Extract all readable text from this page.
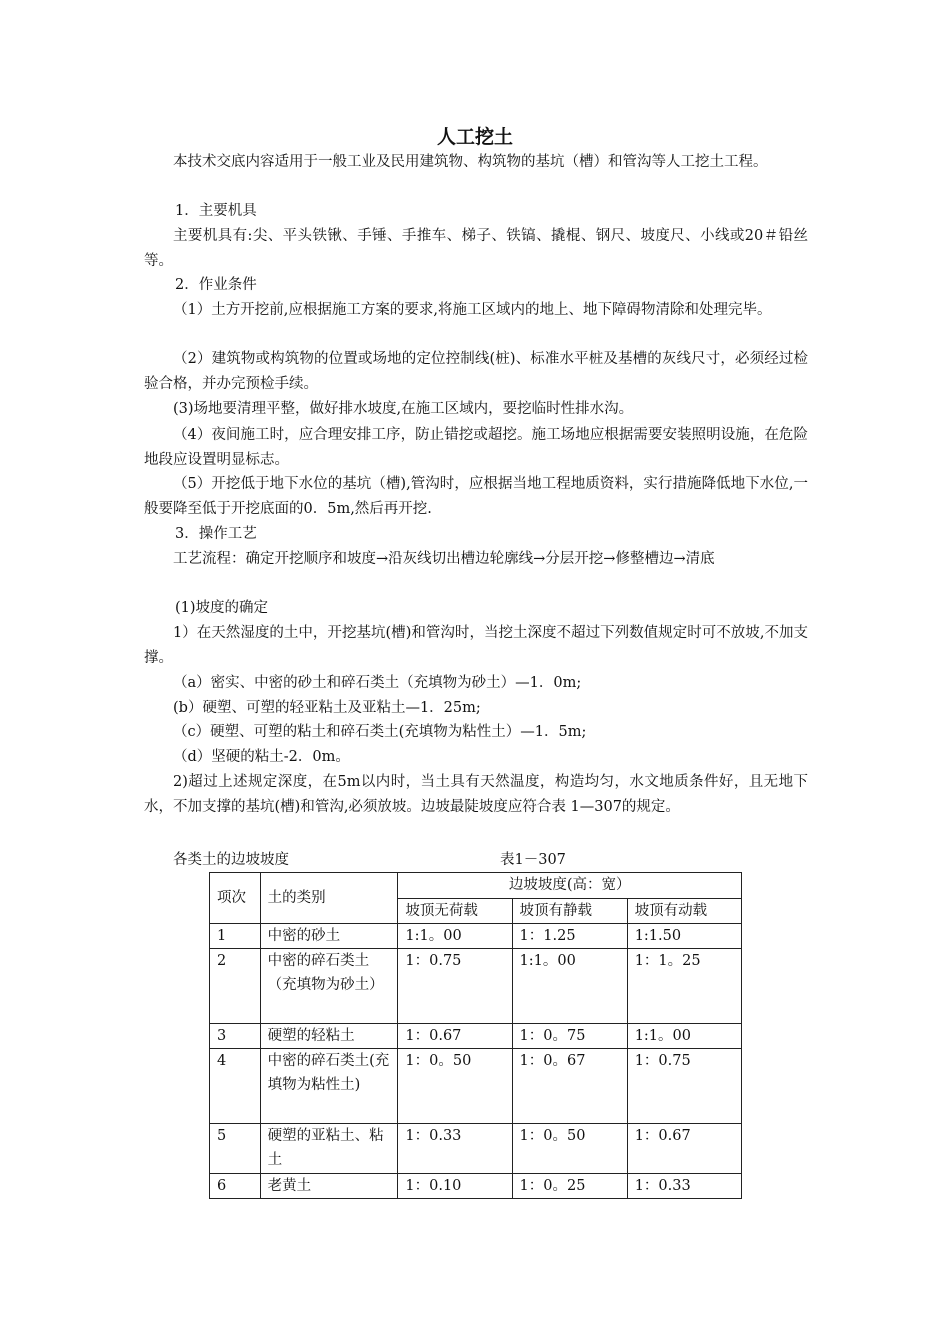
人工挖土
本技术交底内容适用于一般工业及民用建筑物、构筑物的基坑（槽）和管沟等人工挖土工程。
1．主要机具
主要机具有:尖、平头铁锹、手锤、手推车、梯子、铁镐、撬棍、钢尺、坡度尺、小线或20＃铅丝等。
2．作业条件
（1）土方开挖前,应根据施工方案的要求,将施工区域内的地上、地下障碍物清除和处理完毕。
（2）建筑物或构筑物的位置或场地的定位控制线(桩)、标准水平桩及基槽的灰线尺寸，必须经过检验合格，并办完预检手续。
(3)场地要清理平整，做好排水坡度,在施工区域内，要挖临时性排水沟。
（4）夜间施工时，应合理安排工序，防止错挖或超挖。施工场地应根据需要安装照明设施，在危险地段应设置明显标志。
（5）开挖低于地下水位的基坑（槽),管沟时，应根据当地工程地质资料，实行措施降低地下水位,一般要降至低于开挖底面的0．5m,然后再开挖.
3．操作工艺
工艺流程：确定开挖顺序和坡度→沿灰线切出槽边轮廓线→分层开挖→修整槽边→清底
(1)坡度的确定
1）在天然湿度的土中，开挖基坑(槽)和管沟时，当挖土深度不超过下列数值规定时可不放坡,不加支撑。
（a）密实、中密的砂土和碎石类土（充填物为砂土）—1．0m;
(b）硬塑、可塑的轻亚粘土及亚粘土—1．25m;
（c）硬塑、可塑的粘土和碎石类土(充填物为粘性土）—1．5m;
（d）坚硬的粘土-2．0m。
2)超过上述规定深度，在5m以内时，当土具有天然温度，构造均匀，水文地质条件好，且无地下水，不加支撑的基坑(槽)和管沟,必须放坡。边坡最陡坡度应符合表 1—307的规定。
各类土的边坡坡度	表1－307
项次	土的类别	边坡坡度(高：宽）		
		坡顶无荷载	坡顶有静载	坡顶有动载
1	中密的砂土	1:1。00	1：1.25	1:1.50
2	中密的碎石类土（充填物为砂土）	1：0.75	1:1。00	1：1。25
3	硬塑的轻粘土	1：0.67	1：0。75	1:1。00
4	中密的碎石类土(充填物为粘性土)	1：0。50	1：0。67	1：0.75
5	硬塑的亚粘土、粘土	1：0.33	1：0。50	1：0.67
6	老黄土	1：0.10	1：0。25	1：0.33
